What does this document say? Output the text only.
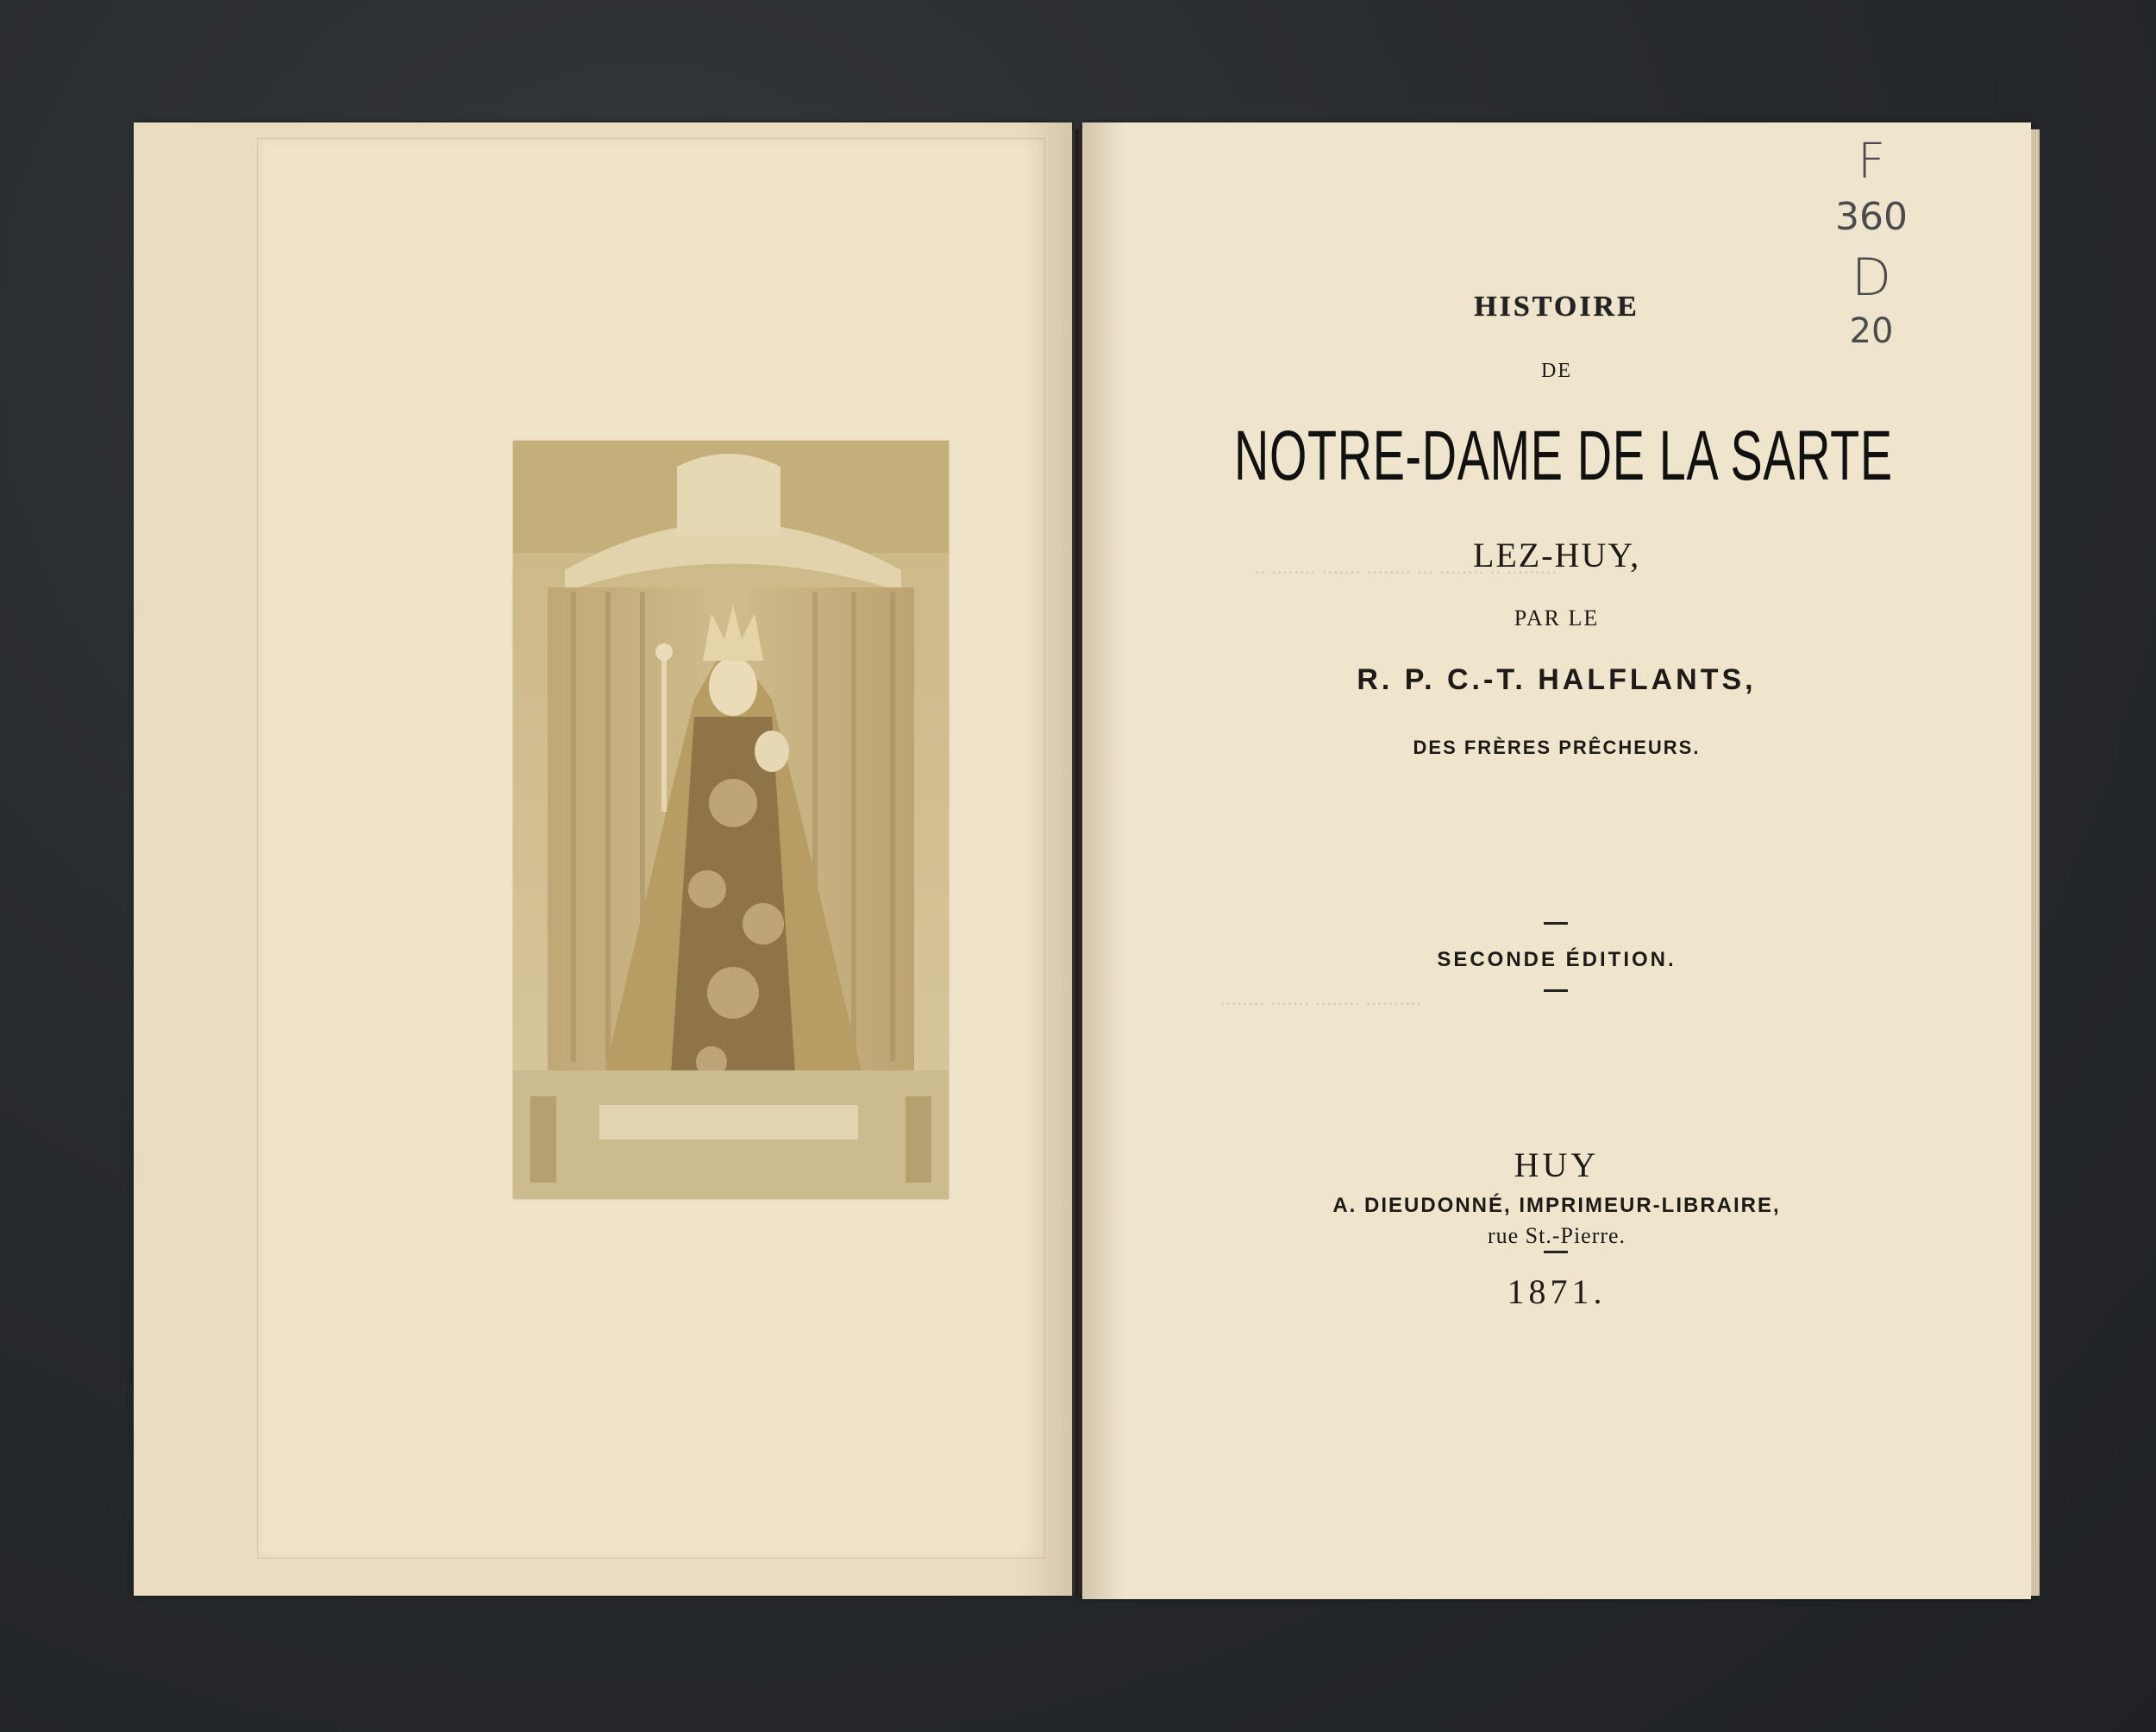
.. ........ ....... ........ ... ........ .. .........
........ ....... ........ ..........
F
360
D
20
HISTOIRE
DE
NOTRE-DAME DE LA SARTE
LEZ-HUY,
PAR LE
R. P. C.-T. HALFLANTS,
DES FRÈRES PRÊCHEURS.
SECONDE ÉDITION.
HUY
A. DIEUDONNÉ, IMPRIMEUR-LIBRAIRE,
rue St.-Pierre.
1871.
